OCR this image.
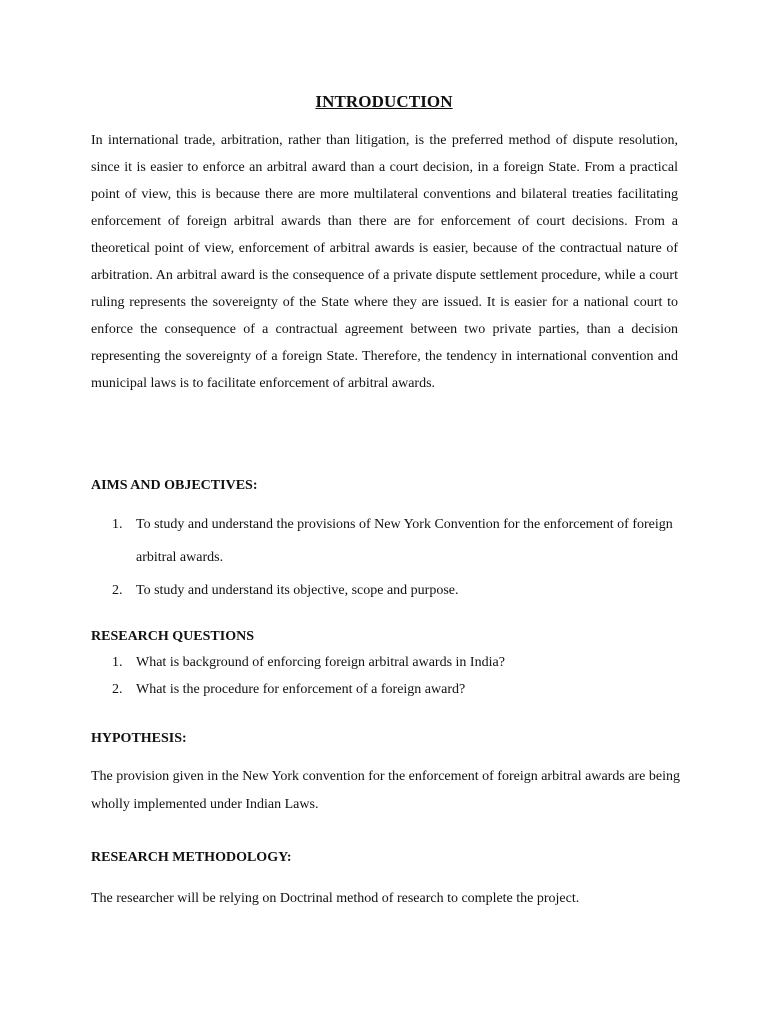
INTRODUCTION

In international trade, arbitration, rather than litigation, is the preferred method of dispute resolution, since it is easier to enforce an arbitral award than a court decision, in a foreign State. From a practical point of view, this is because there are more multilateral conventions and bilateral treaties facilitating enforcement of foreign arbitral awards than there are for enforcement of court decisions. From a theoretical point of view, enforcement of arbitral awards is easier, because of the contractual nature of arbitration. An arbitral award is the consequence of a private dispute settlement procedure, while a court ruling represents the sovereignty of the State where they are issued. It is easier for a national court to enforce the consequence of a contractual agreement between two private parties, than a decision representing the sovereignty of a foreign State. Therefore, the tendency in international convention and municipal laws is to facilitate enforcement of arbitral awards.

AIMS AND OBJECTIVES:

1. To study and understand the provisions of New York Convention for the enforcement of foreign arbitral awards.
2. To study and understand its objective, scope and purpose.

RESEARCH QUESTIONS

1. What is background of enforcing foreign arbitral awards in India?
2. What is the procedure for enforcement of a foreign award?

HYPOTHESIS:

The provision given in the New York convention for the enforcement of foreign arbitral awards are being wholly implemented under Indian Laws.

RESEARCH METHODOLOGY:

The researcher will be relying on Doctrinal method of research to complete the project.
